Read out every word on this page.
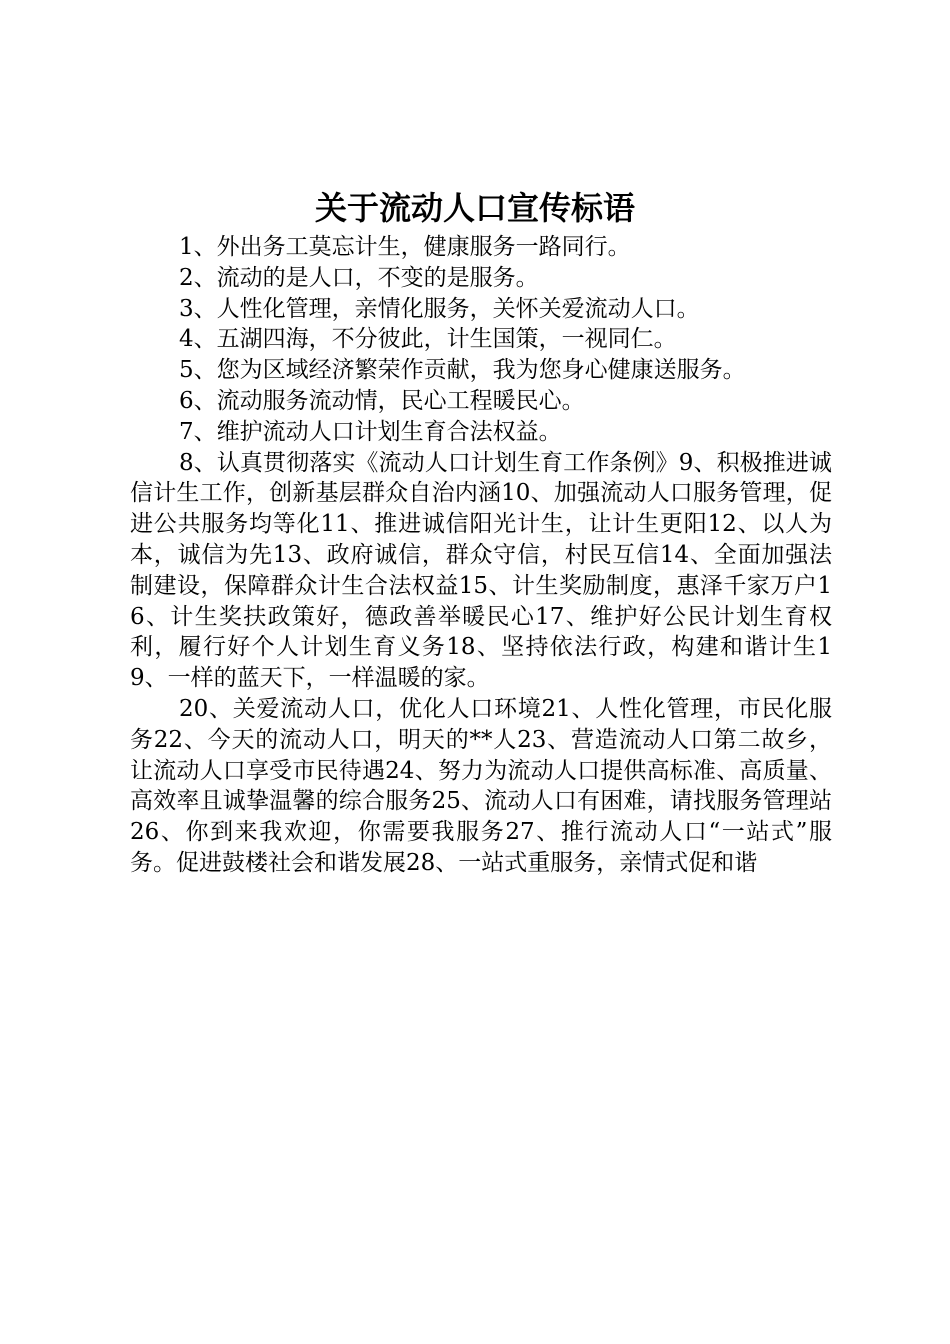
关于流动人口宣传标语

1、外出务工莫忘计生，健康服务一路同行。

2、流动的是人口，不变的是服务。

3、人性化管理，亲情化服务，关怀关爱流动人口。

4、五湖四海，不分彼此，计生国策，一视同仁。

5、您为区域经济繁荣作贡献，我为您身心健康送服务。

6、流动服务流动情，民心工程暖民心。

7、维护流动人口计划生育合法权益。

8、认真贯彻落实《流动人口计划生育工作条例》9、积极推进诚信计生工作，创新基层群众自治内涵10、加强流动人口服务管理，促进公共服务均等化11、推进诚信阳光计生，让计生更阳12、以人为本，诚信为先13、政府诚信，群众守信，村民互信14、全面加强法制建设，保障群众计生合法权益15、计生奖励制度，惠泽千家万户16、计生奖扶政策好，德政善举暖民心17、维护好公民计划生育权利，履行好个人计划生育义务18、坚持依法行政，构建和谐计生19、一样的蓝天下，一样温暖的家。

20、关爱流动人口，优化人口环境21、人性化管理，市民化服务22、今天的流动人口，明天的**人23、营造流动人口第二故乡，让流动人口享受市民待遇24、努力为流动人口提供高标准、高质量、高效率且诚挚温馨的综合服务25、流动人口有困难，请找服务管理站26、你到来我欢迎，你需要我服务27、推行流动人口“一站式”服务。促进鼓楼社会和谐发展28、一站式重服务，亲情式促和谐
